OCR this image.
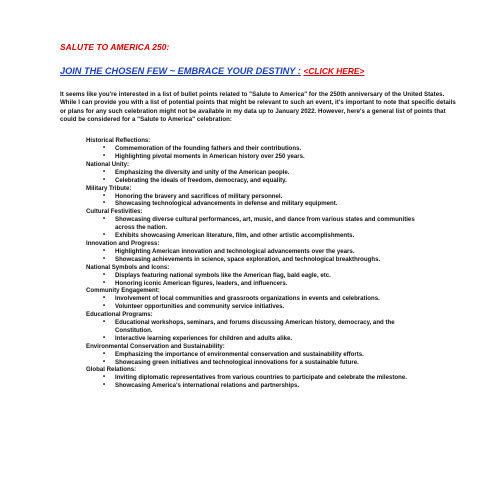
SALUTE TO AMERICA 250:
JOIN THE CHOSEN FEW ~ EMBRACE YOUR DESTINY : <CLICK HERE>

It seems like you're interested in a list of bullet points related to "Salute to America" for the 250th anniversary of the United States. While I can provide you with a list of potential points that might be relevant to such an event, it's important to note that specific details or plans for any such celebration might not be available in my data up to January 2022. However, here's a general list of points that could be considered for a "Salute to America" celebration:

Historical Reflections:
• Commemoration of the founding fathers and their contributions.
• Highlighting pivotal moments in American history over 250 years.
National Unity:
• Emphasizing the diversity and unity of the American people.
• Celebrating the ideals of freedom, democracy, and equality.
Military Tribute:
• Honoring the bravery and sacrifices of military personnel.
• Showcasing technological advancements in defense and military equipment.
Cultural Festivities:
• Showcasing diverse cultural performances, art, music, and dance from various states and communities across the nation.
• Exhibits showcasing American literature, film, and other artistic accomplishments.
Innovation and Progress:
• Highlighting American innovation and technological advancements over the years.
• Showcasing achievements in science, space exploration, and technological breakthroughs.
National Symbols and Icons:
• Displays featuring national symbols like the American flag, bald eagle, etc.
• Honoring iconic American figures, leaders, and influencers.
Community Engagement:
• Involvement of local communities and grassroots organizations in events and celebrations.
• Volunteer opportunities and community service initiatives.
Educational Programs:
• Educational workshops, seminars, and forums discussing American history, democracy, and the Constitution.
• Interactive learning experiences for children and adults alike.
Environmental Conservation and Sustainability:
• Emphasizing the importance of environmental conservation and sustainability efforts.
• Showcasing green initiatives and technological innovations for a sustainable future.
Global Relations:
• Inviting diplomatic representatives from various countries to participate and celebrate the milestone.
• Showcasing America's international relations and partnerships.
